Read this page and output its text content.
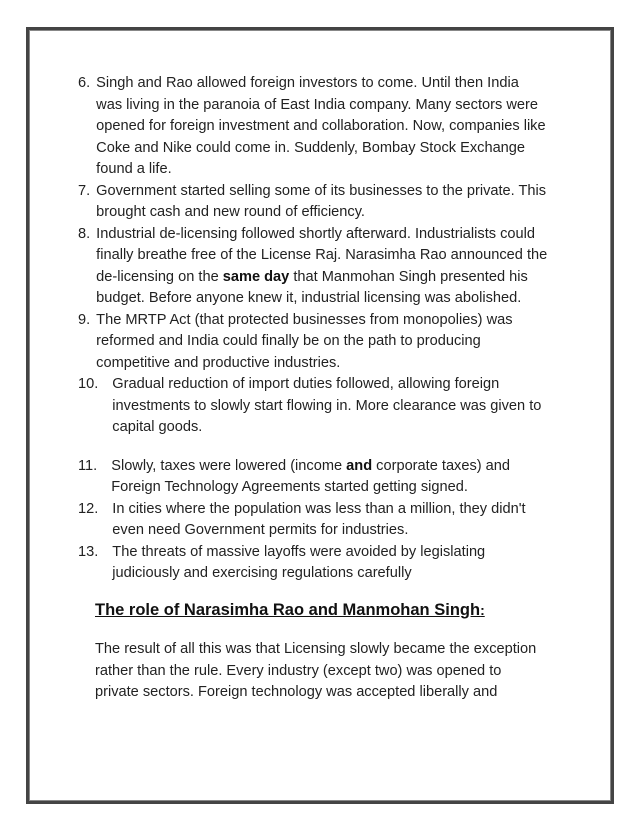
6. Singh and Rao allowed foreign investors to come. Until then India was living in the paranoia of East India company. Many sectors were opened for foreign investment and collaboration. Now, companies like Coke and Nike could come in. Suddenly, Bombay Stock Exchange found a life.
7. Government started selling some of its businesses to the private. This brought cash and new round of efficiency.
8. Industrial de-licensing followed shortly afterward. Industrialists could finally breathe free of the License Raj. Narasimha Rao announced the de-licensing on the same day that Manmohan Singh presented his budget. Before anyone knew it, industrial licensing was abolished.
9. The MRTP Act (that protected businesses from monopolies) was reformed and India could finally be on the path to producing competitive and productive industries.
10. Gradual reduction of import duties followed, allowing foreign investments to slowly start flowing in. More clearance was given to capital goods.
11. Slowly, taxes were lowered (income and corporate taxes) and Foreign Technology Agreements started getting signed.
12. In cities where the population was less than a million, they didn't even need Government permits for industries.
13. The threats of massive layoffs were avoided by legislating judiciously and exercising regulations carefully
The role of Narasimha Rao and Manmohan Singh:
The result of all this was that Licensing slowly became the exception rather than the rule. Every industry (except two) was opened to private sectors. Foreign technology was accepted liberally and
